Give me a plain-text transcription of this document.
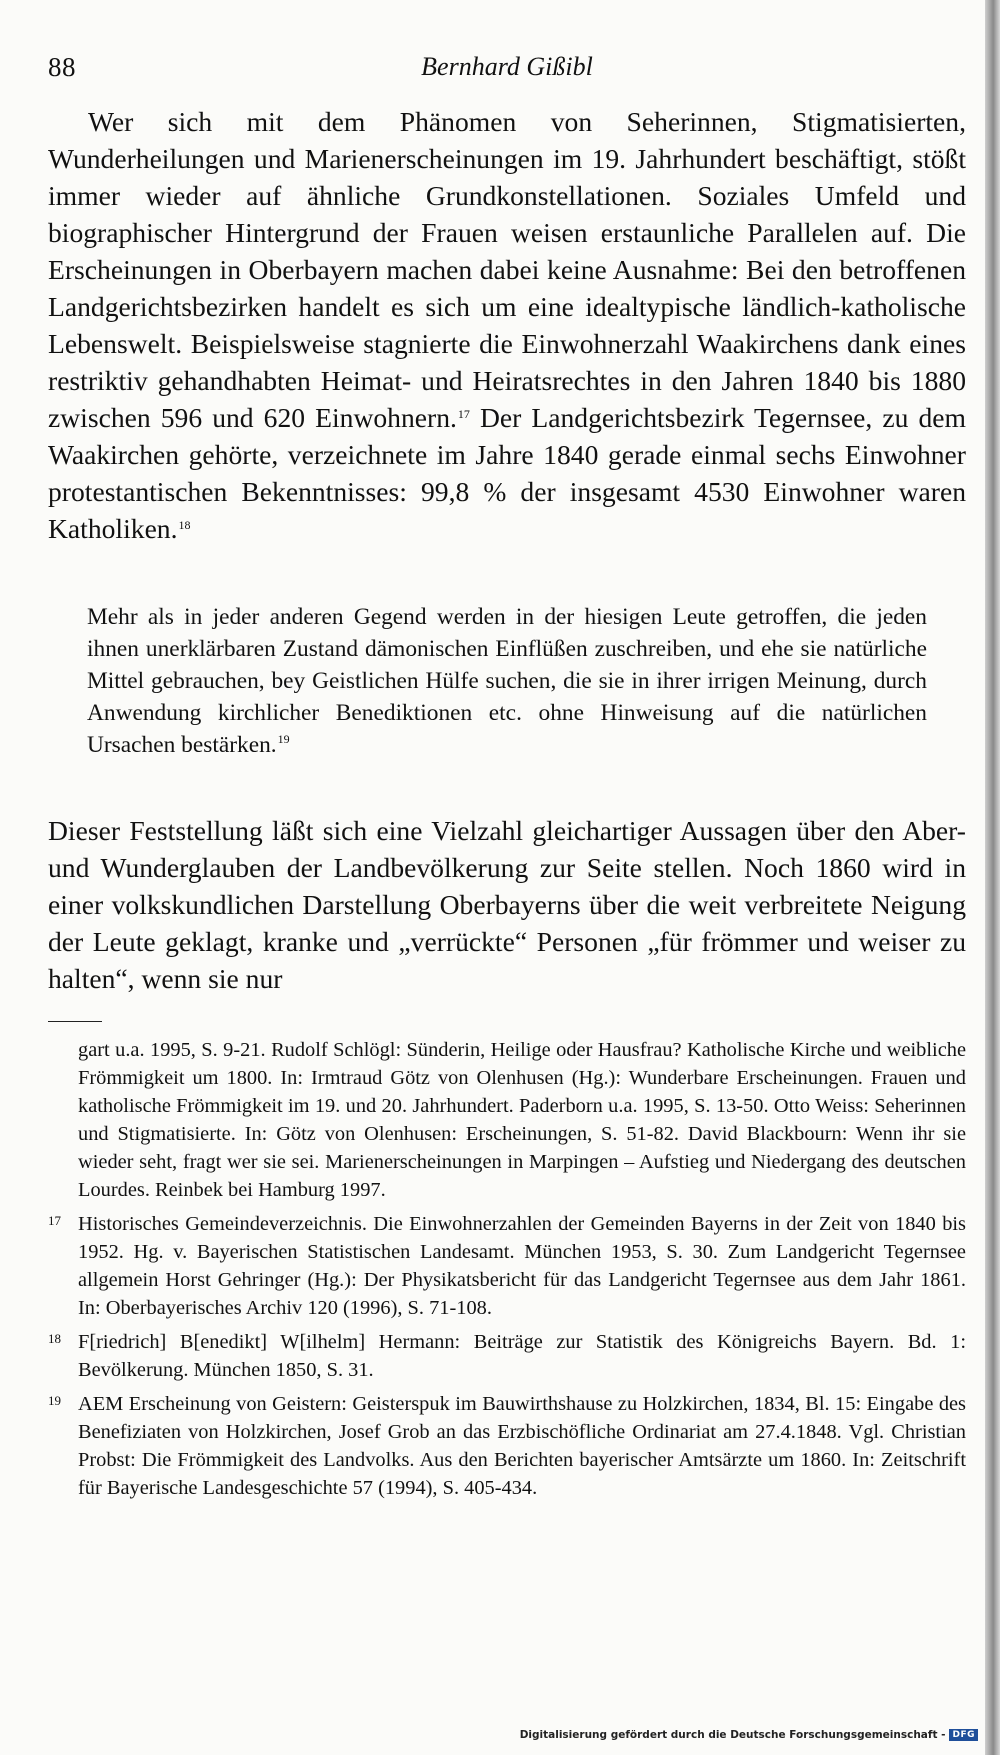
88	Bernhard Gißibl

Wer sich mit dem Phänomen von Seherinnen, Stigmatisierten, Wunderheilungen und Marienerscheinungen im 19. Jahrhundert beschäftigt, stößt immer wieder auf ähnliche Grundkonstellationen. Soziales Umfeld und biographischer Hintergrund der Frauen weisen erstaunliche Parallelen auf. Die Erscheinungen in Oberbayern machen dabei keine Ausnahme: Bei den betroffenen Landgerichtsbezirken handelt es sich um eine idealtypische ländlich-katholische Lebenswelt. Beispielsweise stagnierte die Einwohnerzahl Waakirchens dank eines restriktiv gehandhabten Heimat- und Heiratsrechtes in den Jahren 1840 bis 1880 zwischen 596 und 620 Einwohnern.$^{17}$ Der Landgerichtsbezirk Tegernsee, zu dem Waakirchen gehörte, verzeichnete im Jahre 1840 gerade einmal sechs Einwohner protestantischen Bekenntnisses: 99,8 % der insgesamt 4530 Einwohner waren Katholiken.$^{18}$

Mehr als in jeder anderen Gegend werden in der hiesigen Leute getroffen, die jeden ihnen unerklärbaren Zustand dämonischen Einflüßen zuschreiben, und ehe sie natürliche Mittel gebrauchen, bey Geistlichen Hülfe suchen, die sie in ihrer irrigen Meinung, durch Anwendung kirchlicher Benediktionen etc. ohne Hinweisung auf die natürlichen Ursachen bestärken.$^{19}$

Dieser Feststellung läßt sich eine Vielzahl gleichartiger Aussagen über den Aber- und Wunderglauben der Landbevölkerung zur Seite stellen. Noch 1860 wird in einer volkskundlichen Darstellung Oberbayerns über die weit verbreitete Neigung der Leute geklagt, kranke und „verrückte“ Personen „für frömmer und weiser zu halten“, wenn sie nur

gart u.a. 1995, S. 9-21. Rudolf Schlögl: Sünderin, Heilige oder Hausfrau? Katholische Kirche und weibliche Frömmigkeit um 1800. In: Irmtraud Götz von Olenhusen (Hg.): Wunderbare Erscheinungen. Frauen und katholische Frömmigkeit im 19. und 20. Jahrhundert. Paderborn u.a. 1995, S. 13-50. Otto Weiss: Seherinnen und Stigmatisierte. In: Götz von Olenhusen: Erscheinungen, S. 51-82. David Blackbourn: Wenn ihr sie wieder seht, fragt wer sie sei. Marienerscheinungen in Marpingen – Aufstieg und Niedergang des deutschen Lourdes. Reinbek bei Hamburg 1997.

17 Historisches Gemeindeverzeichnis. Die Einwohnerzahlen der Gemeinden Bayerns in der Zeit von 1840 bis 1952. Hg. v. Bayerischen Statistischen Landesamt. München 1953, S. 30. Zum Landgericht Tegernsee allgemein Horst Gehringer (Hg.): Der Physikatsbericht für das Landgericht Tegernsee aus dem Jahr 1861. In: Oberbayerisches Archiv 120 (1996), S. 71-108.

18 F[riedrich] B[enedikt] W[ilhelm] Hermann: Beiträge zur Statistik des Königreichs Bayern. Bd. 1: Bevölkerung. München 1850, S. 31.

19 AEM Erscheinung von Geistern: Geisterspuk im Bauwirthshause zu Holzkirchen, 1834, Bl. 15: Eingabe des Benefiziaten von Holzkirchen, Josef Grob an das Erzbischöfliche Ordinariat am 27.4.1848. Vgl. Christian Probst: Die Frömmigkeit des Landvolks. Aus den Berichten bayerischer Amtsärzte um 1860. In: Zeitschrift für Bayerische Landesgeschichte 57 (1994), S. 405-434.

Digitalisierung gefördert durch die Deutsche Forschungsgemeinschaft - DFG
